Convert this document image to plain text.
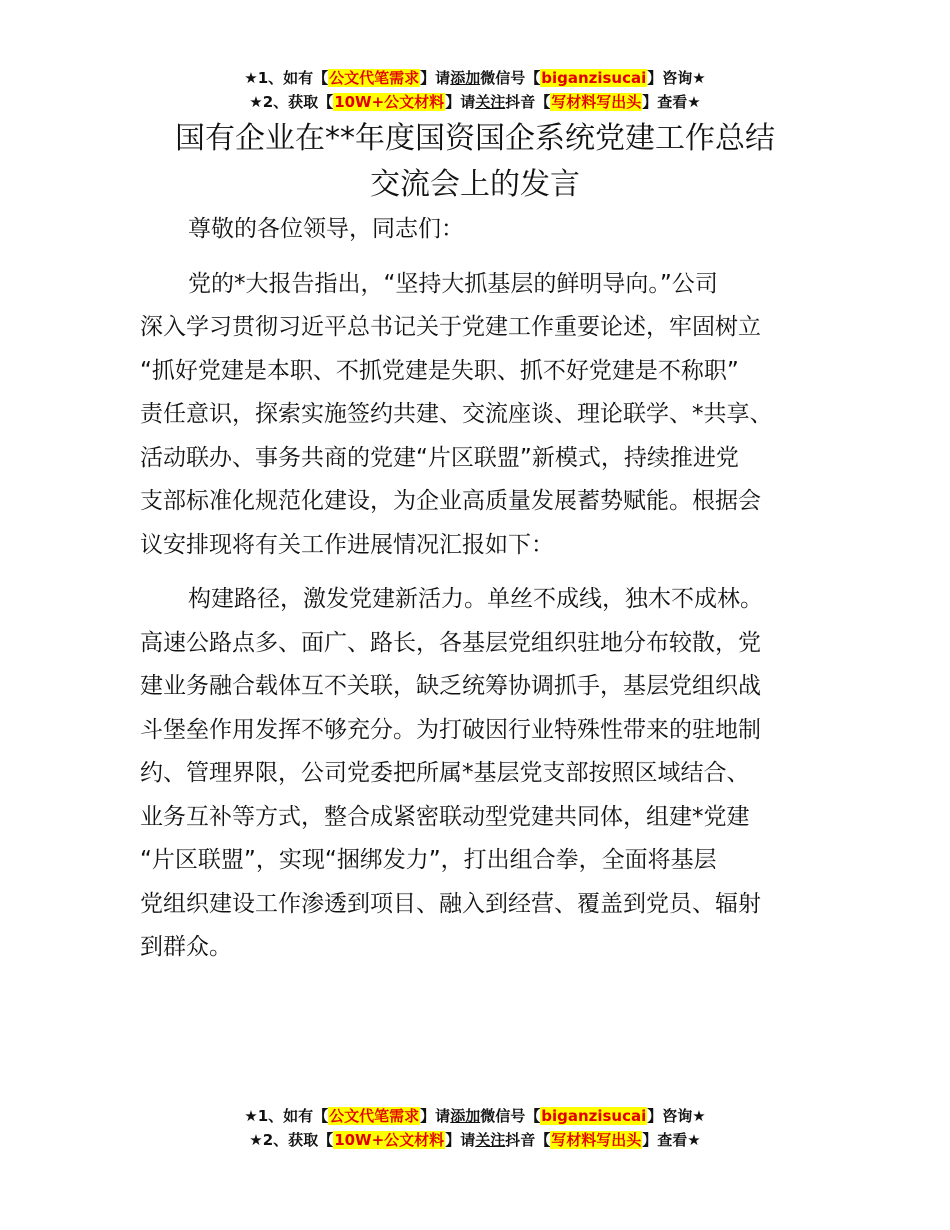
★1、如有【公文代笔需求】请添加微信号【biganzisucai】咨询★
★2、获取【10W+公文材料】请关注抖音【写材料写出头】查看★
国有企业在**年度国资国企系统党建工作总结
交流会上的发言
尊敬的各位领导，同志们：
党的*大报告指出，“坚持大抓基层的鲜明导向。”公司
深入学习贯彻习近平总书记关于党建工作重要论述，牢固树立
“抓好党建是本职、不抓党建是失职、抓不好党建是不称职”
责任意识，探索实施签约共建、交流座谈、理论联学、*共享、
活动联办、事务共商的党建“片区联盟”新模式，持续推进党
支部标准化规范化建设，为企业高质量发展蓄势赋能。根据会
议安排现将有关工作进展情况汇报如下：
构建路径，激发党建新活力。单丝不成线，独木不成林。
高速公路点多、面广、路长，各基层党组织驻地分布较散，党
建业务融合载体互不关联，缺乏统筹协调抓手，基层党组织战
斗堡垒作用发挥不够充分。为打破因行业特殊性带来的驻地制
约、管理界限，公司党委把所属*基层党支部按照区域结合、
业务互补等方式，整合成紧密联动型党建共同体，组建*党建
“片区联盟”，实现“捆绑发力”，打出组合拳，全面将基层
党组织建设工作渗透到项目、融入到经营、覆盖到党员、辐射
到群众。
★1、如有【公文代笔需求】请添加微信号【biganzisucai】咨询★
★2、获取【10W+公文材料】请关注抖音【写材料写出头】查看★
